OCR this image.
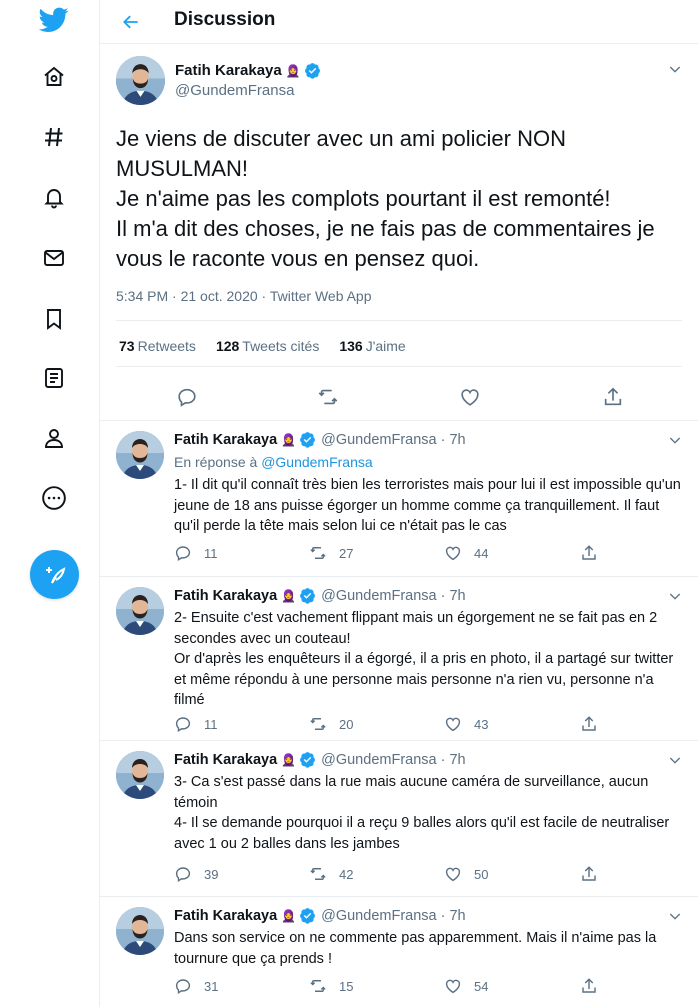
Discussion
Fatih Karakaya 🧕
@GundemFransa
Je viens de discuter avec un ami policier NON MUSULMAN!
Je n'aime pas les complots pourtant il est remonté!
Il m'a dit des choses, je ne fais pas de commentaires je vous le raconte vous en pensez quoi.
5:34 PM · 21 oct. 2020 · Twitter Web App
73 Retweets 128 Tweets cités 136 J'aime
Fatih Karakaya 🧕 @GundemFransa · 7h
En réponse à @GundemFransa
1- Il dit qu'il connaît très bien les terroristes mais pour lui il est impossible qu'un jeune de 18 ans puisse égorger un homme comme ça tranquillement. Il faut qu'il perde la tête mais selon lui ce n'était pas le cas
11	27	44
Fatih Karakaya 🧕 @GundemFransa · 7h
2- Ensuite c'est vachement flippant mais un égorgement ne se fait pas en 2 secondes avec un couteau!
Or d'après les enquêteurs il a égorgé, il a pris en photo, il a partagé sur twitter et même répondu à une personne mais personne n'a rien vu, personne n'a filmé
11	20	43
Fatih Karakaya 🧕 @GundemFransa · 7h
3- Ca s'est passé dans la rue mais aucune caméra de surveillance, aucun témoin
4- Il se demande pourquoi il a reçu 9 balles alors qu'il est facile de neutraliser avec 1 ou 2 balles dans les jambes
39	42	50
Fatih Karakaya 🧕 @GundemFransa · 7h
Dans son service on ne commente pas apparemment. Mais il n'aime pas la tournure que ça prends !
31	15	54
